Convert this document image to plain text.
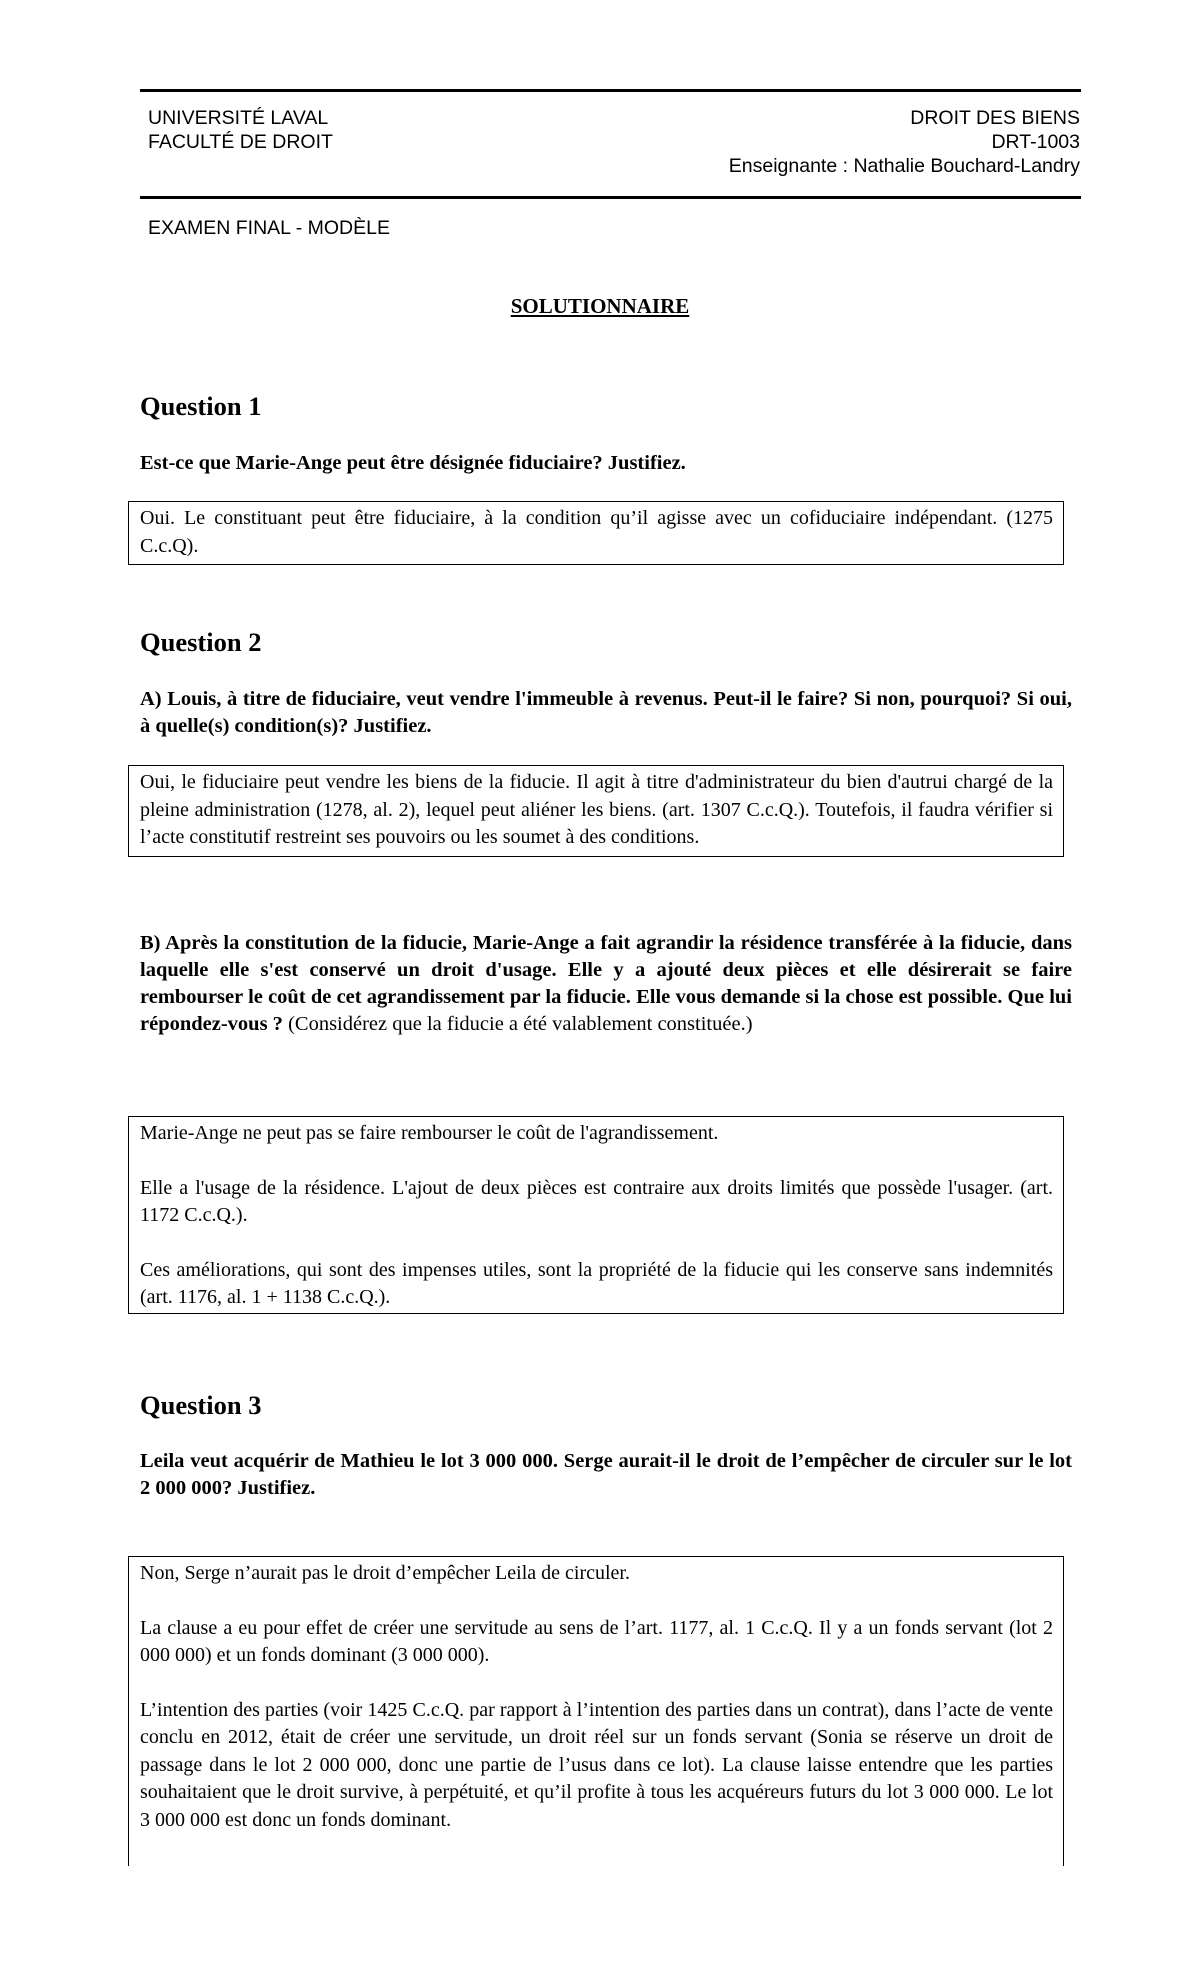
UNIVERSITÉ LAVAL
FACULTÉ DE DROIT
DROIT DES BIENS
DRT-1003
Enseignante : Nathalie Bouchard-Landry
EXAMEN FINAL - MODÈLE
SOLUTIONNAIRE
Question 1
Est-ce que Marie-Ange peut être désignée fiduciaire? Justifiez.

Oui. Le constituant peut être fiduciaire, à la condition qu’il agisse avec un cofiduciaire indépendant. (1275 C.c.Q).

Question 2
A) Louis, à titre de fiduciaire, veut vendre l'immeuble à revenus. Peut-il le faire? Si non, pourquoi? Si oui, à quelle(s) condition(s)? Justifiez.

Oui, le fiduciaire peut vendre les biens de la fiducie. Il agit à titre d'administrateur du bien d'autrui chargé de la pleine administration (1278, al. 2), lequel peut aliéner les biens. (art. 1307 C.c.Q.). Toutefois, il faudra vérifier si l’acte constitutif restreint ses pouvoirs ou les soumet à des conditions.

B) Après la constitution de la fiducie, Marie-Ange a fait agrandir la résidence transférée à la fiducie, dans laquelle elle s'est conservé un droit d'usage. Elle y a ajouté deux pièces et elle désirerait se faire rembourser le coût de cet agrandissement par la fiducie. Elle vous demande si la chose est possible. Que lui répondez-vous ? (Considérez que la fiducie a été valablement constituée.)

Marie-Ange ne peut pas se faire rembourser le coût de l'agrandissement.

Elle a l'usage de la résidence. L'ajout de deux pièces est contraire aux droits limités que possède l'usager. (art. 1172 C.c.Q.).

Ces améliorations, qui sont des impenses utiles, sont la propriété de la fiducie qui les conserve sans indemnités (art. 1176, al. 1 + 1138 C.c.Q.).

Question 3
Leila veut acquérir de Mathieu le lot 3 000 000. Serge aurait-il le droit de l’empêcher de circuler sur le lot 2 000 000? Justifiez.

Non, Serge n’aurait pas le droit d’empêcher Leila de circuler.

La clause a eu pour effet de créer une servitude au sens de l’art. 1177, al. 1 C.c.Q. Il y a un fonds servant (lot 2 000 000) et un fonds dominant (3 000 000).

L’intention des parties (voir 1425 C.c.Q. par rapport à l’intention des parties dans un contrat), dans l’acte de vente conclu en 2012, était de créer une servitude, un droit réel sur un fonds servant (Sonia se réserve un droit de passage dans le lot 2 000 000, donc une partie de l’usus dans ce lot). La clause laisse entendre que les parties souhaitaient que le droit survive, à perpétuité, et qu’il profite à tous les acquéreurs futurs du lot 3 000 000. Le lot 3 000 000 est donc un fonds dominant.
